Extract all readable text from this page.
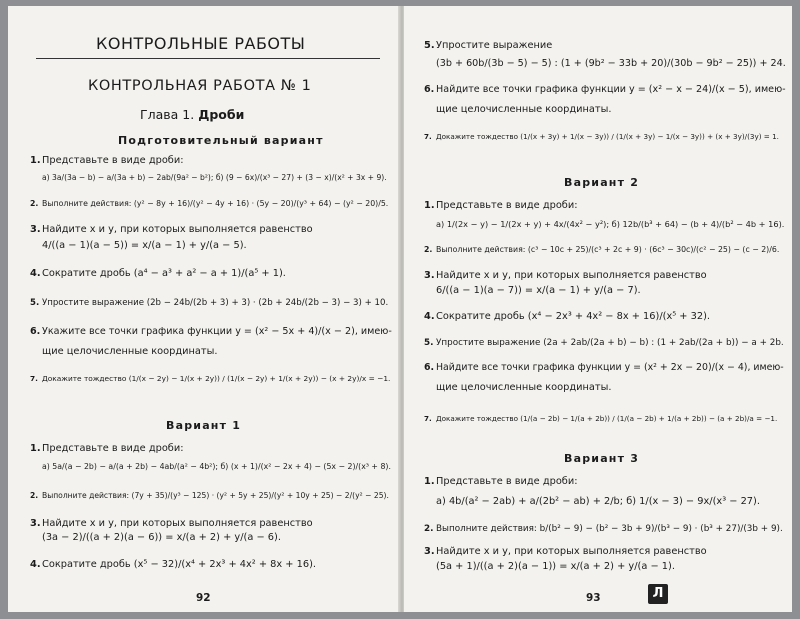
КОНТРОЛЬНЫЕ РАБОТЫ
КОНТРОЛЬНАЯ РАБОТА № 1
Глава 1. Дроби
Подготовительный вариант
1.Представьте в виде дроби:
а) 3a/(3a − b) − a/(3a + b) − 2ab/(9a² − b²); б) (9 − 6x)/(x³ − 27) + (3 − x)/(x² + 3x + 9).
2. Выполните действия: (y² − 8y + 16)/(y² − 4y + 16) · (5y − 20)/(y³ + 64) − (y² − 20)/5.
3.Найдите x и y, при которых выполняется равенство
4/((a − 1)(a − 5)) = x/(a − 1) + y/(a − 5).
4.Сократите дробь (a⁴ − a³ + a² − a + 1)/(a⁵ + 1).
5. Упростите выражение (2b − 24b/(2b + 3) + 3) · (2b + 24b/(2b − 3) − 3) + 10.
6. Укажите все точки графика функции y = (x² − 5x + 4)/(x − 2), имею-
щие целочисленные координаты.
7. Докажите тождество (1/(x − 2y) − 1/(x + 2y)) / (1/(x − 2y) + 1/(x + 2y)) − (x + 2y)/x = −1.
Вариант 1
1.Представьте в виде дроби:
а) 5a/(a − 2b) − a/(a + 2b) − 4ab/(a² − 4b²); б) (x + 1)/(x² − 2x + 4) − (5x − 2)/(x³ + 8).
2. Выполните действия: (7y + 35)/(y³ − 125) · (y² + 5y + 25)/(y² + 10y + 25) − 2/(y² − 25).
3.Найдите x и y, при которых выполняется равенство
(3a − 2)/((a + 2)(a − 6)) = x/(a + 2) + y/(a − 6).
4.Сократите дробь (x⁵ − 32)/(x⁴ + 2x³ + 4x² + 8x + 16).
92
5.Упростите выражение
(3b + 60b/(3b − 5) − 5) : (1 + (9b² − 33b + 20)/(30b − 9b² − 25)) + 24.
6. Найдите все точки графика функции y = (x² − x − 24)/(x − 5), имею-
щие целочисленные координаты.
7. Докажите тождество (1/(x + 3y) + 1/(x − 3y)) / (1/(x + 3y) − 1/(x − 3y)) + (x + 3y)/(3y) = 1.
Вариант 2
1.Представьте в виде дроби:
а) 1/(2x − y) − 1/(2x + y) + 4x/(4x² − y²); б) 12b/(b³ + 64) − (b + 4)/(b² − 4b + 16).
2. Выполните действия: (c³ − 10c + 25)/(c³ + 2c + 9) · (6c³ − 30c)/(c² − 25) − (c − 2)/6.
3.Найдите x и y, при которых выполняется равенство
6/((a − 1)(a − 7)) = x/(a − 1) + y/(a − 7).
4.Сократите дробь (x⁴ − 2x³ + 4x² − 8x + 16)/(x⁵ + 32).
5. Упростите выражение (2a + 2ab/(2a + b) − b) : (1 + 2ab/(2a + b)) − a + 2b.
6. Найдите все точки графика функции y = (x² + 2x − 20)/(x − 4), имею-
щие целочисленные координаты.
7. Докажите тождество (1/(a − 2b) − 1/(a + 2b)) / (1/(a − 2b) + 1/(a + 2b)) − (a + 2b)/a = −1.
Вариант 3
1.Представьте в виде дроби:
а) 4b/(a² − 2ab) + a/(2b² − ab) + 2/b; б) 1/(x − 3) − 9x/(x³ − 27).
2. Выполните действия: b/(b² − 9) − (b² − 3b + 9)/(b³ − 9) · (b³ + 27)/(3b + 9).
3.Найдите x и y, при которых выполняется равенство
(5a + 1)/((a + 2)(a − 1)) = x/(a + 2) + y/(a − 1).
93	Л
